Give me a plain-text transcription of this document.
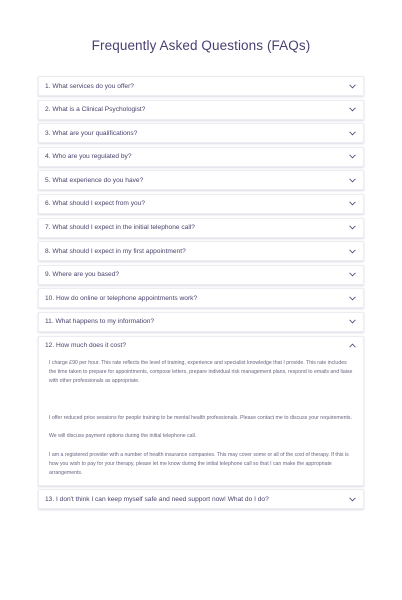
Frequently Asked Questions (FAQs)
1. What services do you offer?
2. What is a Clinical Psychologist?
3. What are your qualifications?
4. Who are you regulated by?
5. What experience do you have?
6. What should I expect from you?
7. What should I expect in the initial telephone call?
8. What should I expect in my first appointment?
9. Where are you based?
10. How do online or telephone appointments work?
11. What happens to my information?
12. How much does it cost?

I charge £90 per hour. This rate reflects the level of training, experience and specialist knowledge that I provide. This rate includes the time taken to prepare for appointments, compose letters, prepare individual risk management plans, respond to emails and liaise with other professionals as appropriate.

I offer reduced price sessions for people training to be mental health professionals. Please contact me to discuss your requirements.

We will discuss payment options during the initial telephone call.

I am a registered provider with a number of health insurance companies. This may cover some or all of the cost of therapy. If this is how you wish to pay for your therapy, please let me know during the initial telephone call so that I can make the appropriate arrangements.

13. I don't think I can keep myself safe and need support now! What do I do?
